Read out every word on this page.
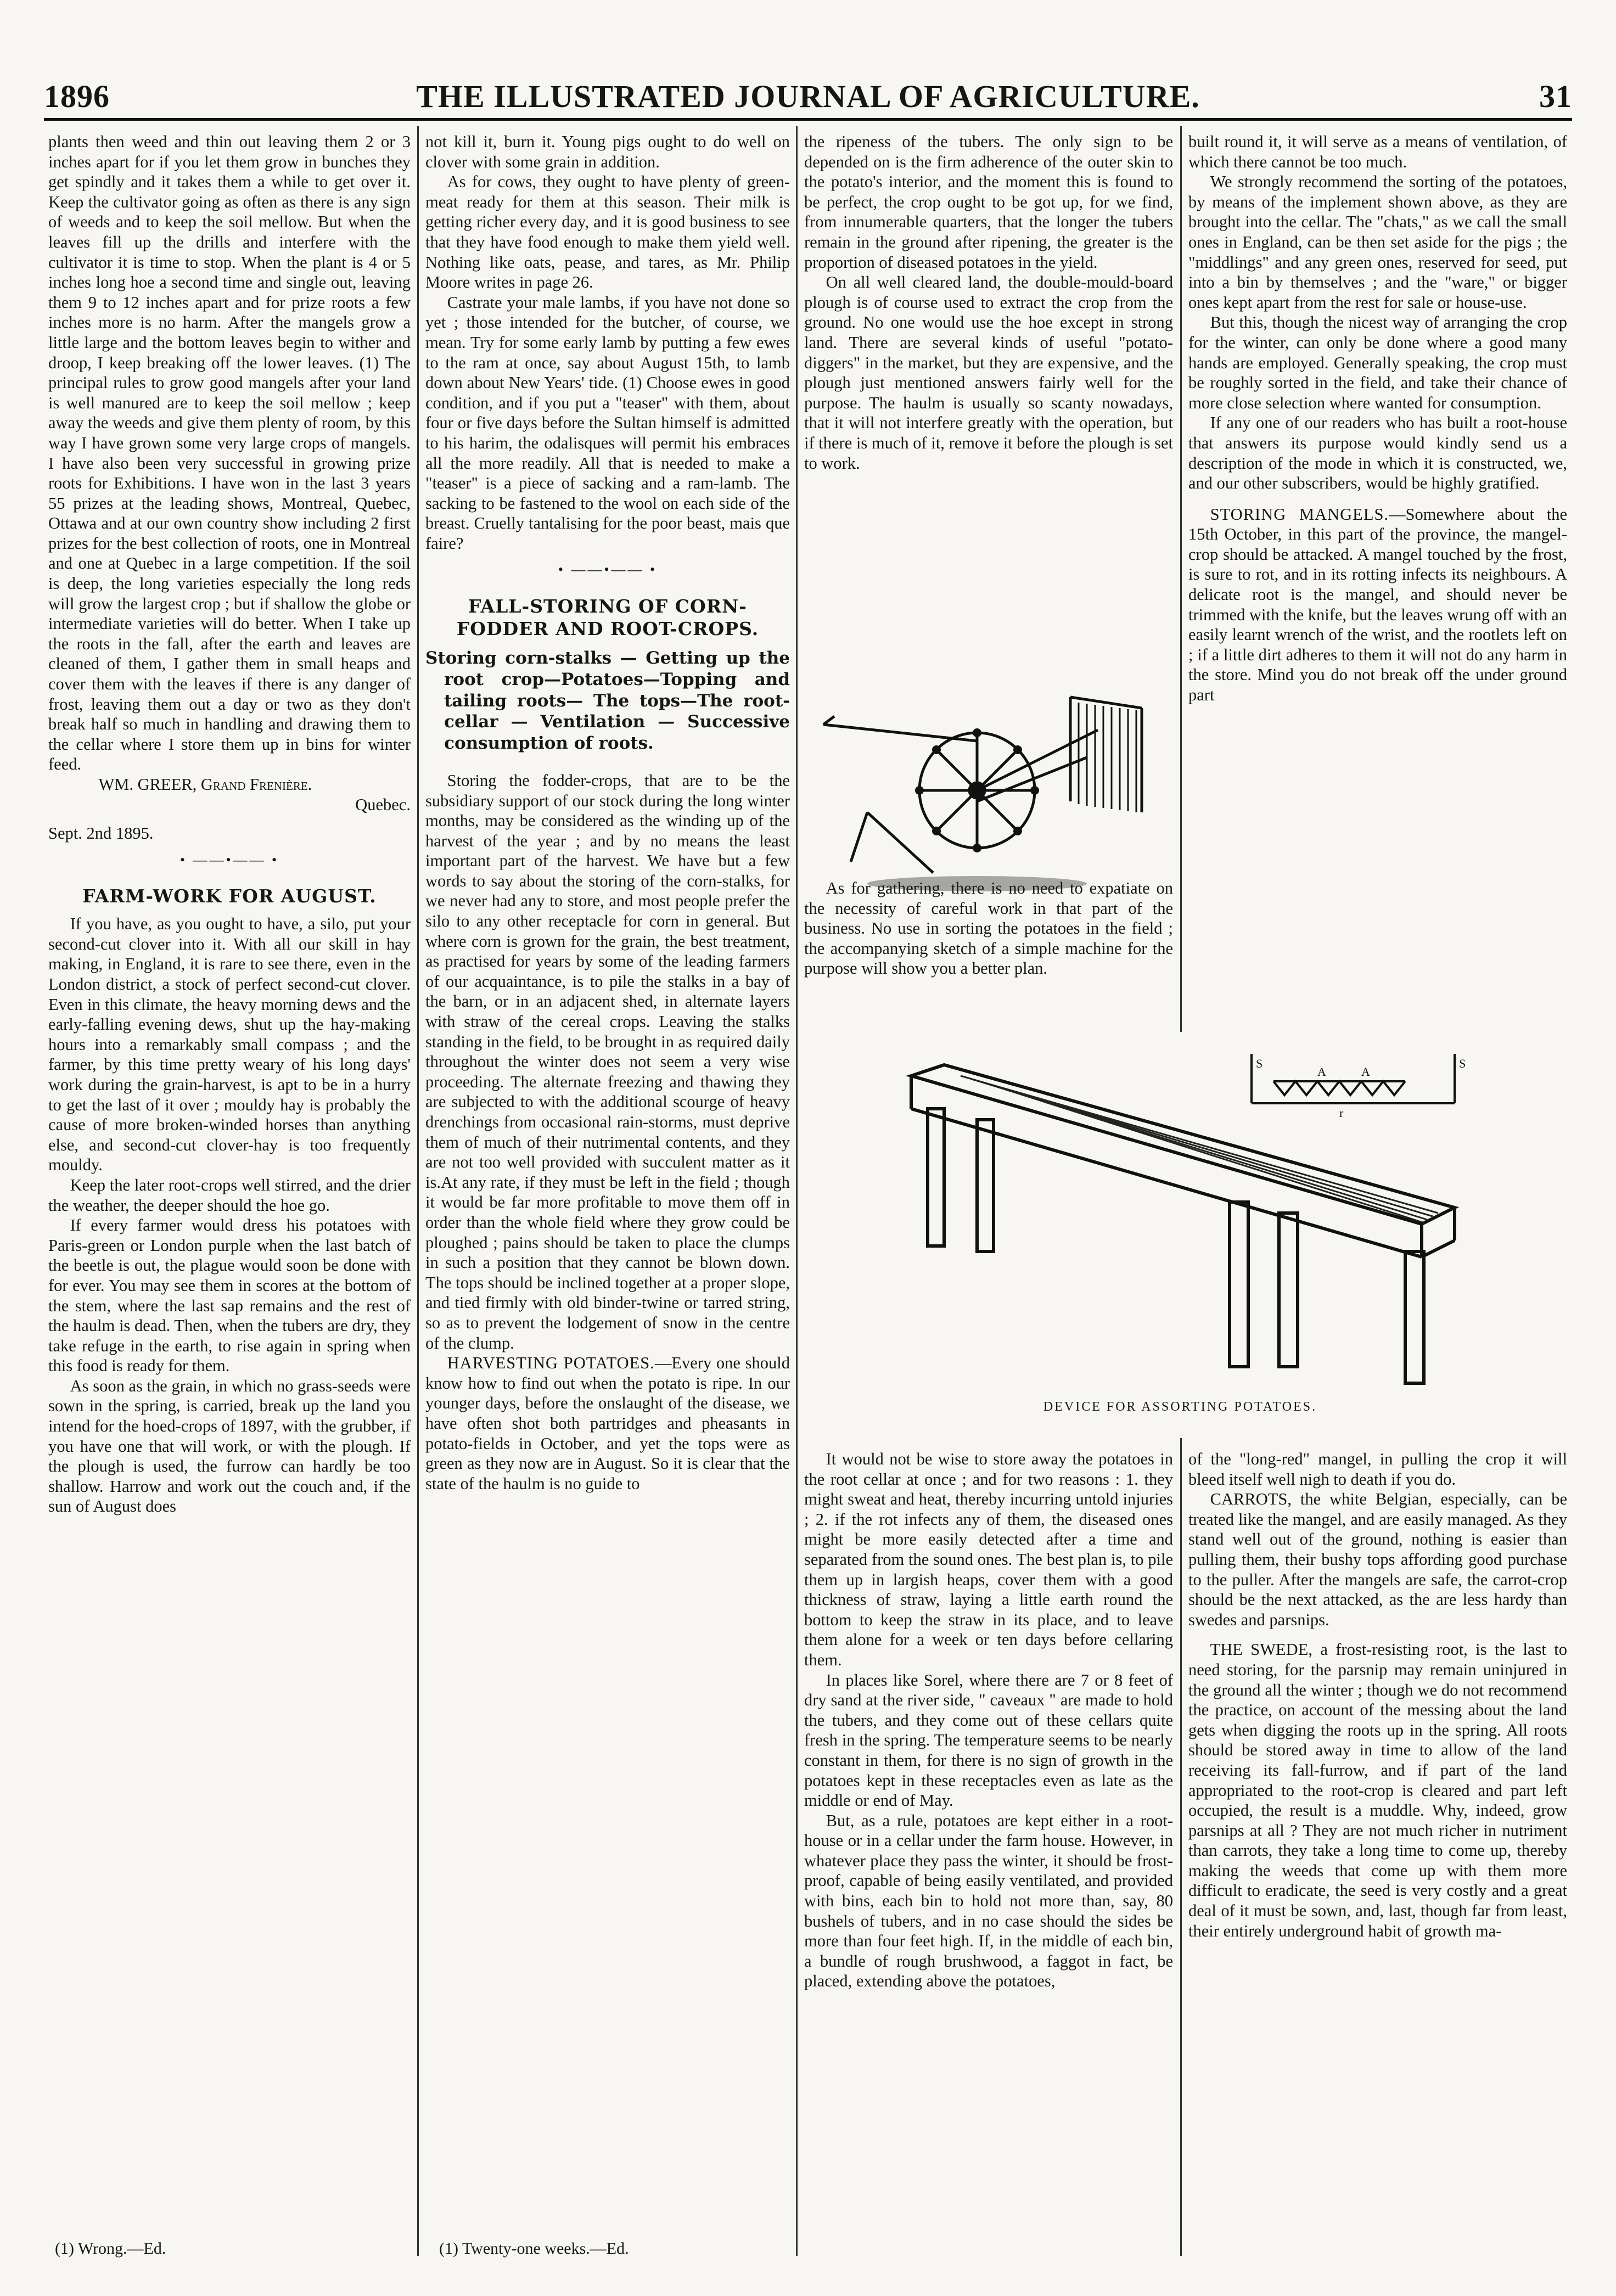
1896	THE ILLUSTRATED JOURNAL OF AGRICULTURE.	31

plants then weed and thin out leaving them 2 or 3 inches apart for if you let them grow in bunches they get spindly and it takes them a while to get over it. Keep the cultivator going as often as there is any sign of weeds and to keep the soil mellow. But when the leaves fill up the drills and interfere with the cultivator it is time to stop. When the plant is 4 or 5 inches long hoe a second time and single out, leaving them 9 to 12 inches apart and for prize roots a few inches more is no harm. After the mangels grow a little large and the bottom leaves begin to wither and droop, I keep breaking off the lower leaves. (1) The principal rules to grow good mangels after your land is well manured are to keep the soil mellow ; keep away the weeds and give them plenty of room, by this way I have grown some very large crops of mangels. I have also been very successful in growing prize roots for Exhibitions. I have won in the last 3 years 55 prizes at the leading shows, Montreal, Quebec, Ottawa and at our own country show including 2 first prizes for the best collection of roots, one in Montreal and one at Quebec in a large competition. If the soil is deep, the long varieties especially the long reds will grow the largest crop ; but if shallow the globe or intermediate varieties will do better. When I take up the roots in the fall, after the earth and leaves are cleaned of them, I gather them in small heaps and cover them with the leaves if there is any danger of frost, leaving them out a day or two as they don't break half so much in handling and drawing them to the cellar where I store them up in bins for winter feed.

WM. GREER, Grand Frenière.

Quebec.

Sept. 2nd 1895.

• ——•—— •
FARM-WORK FOR AUGUST.

If you have, as you ought to have, a silo, put your second-cut clover into it. With all our skill in hay making, in England, it is rare to see there, even in the London district, a stock of perfect second-cut clover. Even in this climate, the heavy morning dews and the early-falling evening dews, shut up the hay-making hours into a remarkably small compass ; and the farmer, by this time pretty weary of his long days' work during the grain-harvest, is apt to be in a hurry to get the last of it over ; mouldy hay is probably the cause of more broken-winded horses than anything else, and second-cut clover-hay is too frequently mouldy.

Keep the later root-crops well stirred, and the drier the weather, the deeper should the hoe go.

If every farmer would dress his potatoes with Paris-green or London purple when the last batch of the beetle is out, the plague would soon be done with for ever. You may see them in scores at the bottom of the stem, where the last sap remains and the rest of the haulm is dead. Then, when the tubers are dry, they take refuge in the earth, to rise again in spring when this food is ready for them.

As soon as the grain, in which no grass-seeds were sown in the spring, is carried, break up the land you intend for the hoed-crops of 1897, with the grubber, if you have one that will work, or with the plough. If the plough is used, the furrow can hardly be too shallow. Harrow and work out the couch and, if the sun of August does

(1) Wrong.—Ed.

not kill it, burn it. Young pigs ought to do well on clover with some grain in addition.

As for cows, they ought to have plenty of green-meat ready for them at this season. Their milk is getting richer every day, and it is good business to see that they have food enough to make them yield well. Nothing like oats, pease, and tares, as Mr. Philip Moore writes in page 26.

Castrate your male lambs, if you have not done so yet ; those intended for the butcher, of course, we mean. Try for some early lamb by putting a few ewes to the ram at once, say about August 15th, to lamb down about New Years' tide. (1) Choose ewes in good condition, and if you put a "teaser" with them, about four or five days before the Sultan himself is admitted to his harim, the odalisques will permit his embraces all the more readily. All that is needed to make a "teaser" is a piece of sacking and a ram-lamb. The sacking to be fastened to the wool on each side of the breast. Cruelly tantalising for the poor beast, mais que faire?

• ——•—— •
FALL-STORING OF CORN-FODDER AND ROOT-CROPS.
Storing corn-stalks — Getting up the root crop—Potatoes—Topping and tailing roots— The tops—The root-cellar — Ventilation — Successive consumption of roots.

Storing the fodder-crops, that are to be the subsidiary support of our stock during the long winter months, may be considered as the winding up of the harvest of the year ; and by no means the least important part of the harvest. We have but a few words to say about the storing of the corn-stalks, for we never had any to store, and most people prefer the silo to any other receptacle for corn in general. But where corn is grown for the grain, the best treatment, as practised for years by some of the leading farmers of our acquaintance, is to pile the stalks in a bay of the barn, or in an adjacent shed, in alternate layers with straw of the cereal crops. Leaving the stalks standing in the field, to be brought in as required daily throughout the winter does not seem a very wise proceeding. The alternate freezing and thawing they are subjected to with the additional scourge of heavy drenchings from occasional rain-storms, must deprive them of much of their nutrimental contents, and they are not too well provided with succulent matter as it is.At any rate, if they must be left in the field ; though it would be far more profitable to move them off in order than the whole field where they grow could be ploughed ; pains should be taken to place the clumps in such a position that they cannot be blown down. The tops should be inclined together at a proper slope, and tied firmly with old binder-twine or tarred string, so as to prevent the lodgement of snow in the centre of the clump.

HARVESTING POTATOES.—Every one should know how to find out when the potato is ripe. In our younger days, before the onslaught of the disease, we have often shot both partridges and pheasants in potato-fields in October, and yet the tops were as green as they now are in August. So it is clear that the state of the haulm is no guide to

(1) Twenty-one weeks.—Ed.

the ripeness of the tubers. The only sign to be depended on is the firm adherence of the outer skin to the potato's interior, and the moment this is found to be perfect, the crop ought to be got up, for we find, from innumerable quarters, that the longer the tubers remain in the ground after ripening, the greater is the proportion of diseased potatoes in the yield.

On all well cleared land, the double-mould-board plough is of course used to extract the crop from the ground. No one would use the hoe except in strong land. There are several kinds of useful "potato-diggers" in the market, but they are expensive, and the plough just mentioned answers fairly well for the purpose. The haulm is usually so scanty nowadays, that it will not interfere greatly with the operation, but if there is much of it, remove it before the plough is set to work.

As for gathering, there is no need to expatiate on the necessity of careful work in that part of the business. No use in sorting the potatoes in the field ; the accompanying sketch of a simple machine for the purpose will show you a better plan.

built round it, it will serve as a means of ventilation, of which there cannot be too much.

We strongly recommend the sorting of the potatoes, by means of the implement shown above, as they are brought into the cellar. The "chats," as we call the small ones in England, can be then set aside for the pigs ; the "middlings" and any green ones, reserved for seed, put into a bin by themselves ; and the "ware," or bigger ones kept apart from the rest for sale or house-use.

But this, though the nicest way of arranging the crop for the winter, can only be done where a good many hands are employed. Generally speaking, the crop must be roughly sorted in the field, and take their chance of more close selection where wanted for consumption.

If any one of our readers who has built a root-house that answers its purpose would kindly send us a description of the mode in which it is constructed, we, and our other subscribers, would be highly gratified.

STORING MANGELS.—Somewhere about the 15th October, in this part of the province, the mangel-crop should be attacked. A mangel touched by the frost, is sure to rot, and in its rotting infects its neighbours. A delicate root is the mangel, and should never be trimmed with the knife, but the leaves wrung off with an easily learnt wrench of the wrist, and the rootlets left on ; if a little dirt adheres to them it will not do any harm in the store. Mind you do not break off the under ground part

S
A	A
S
r
DEVICE FOR ASSORTING POTATOES.

It would not be wise to store away the potatoes in the root cellar at once ; and for two reasons : 1. they might sweat and heat, thereby incurring untold injuries ; 2. if the rot infects any of them, the diseased ones might be more easily detected after a time and separated from the sound ones. The best plan is, to pile them up in largish heaps, cover them with a good thickness of straw, laying a little earth round the bottom to keep the straw in its place, and to leave them alone for a week or ten days before cellaring them.

In places like Sorel, where there are 7 or 8 feet of dry sand at the river side, " caveaux " are made to hold the tubers, and they come out of these cellars quite fresh in the spring. The temperature seems to be nearly constant in them, for there is no sign of growth in the potatoes kept in these receptacles even as late as the middle or end of May.

But, as a rule, potatoes are kept either in a root-house or in a cellar under the farm house. However, in whatever place they pass the winter, it should be frost-proof, capable of being easily ventilated, and provided with bins, each bin to hold not more than, say, 80 bushels of tubers, and in no case should the sides be more than four feet high. If, in the middle of each bin, a bundle of rough brushwood, a faggot in fact, be placed, extending above the potatoes,

of the "long-red" mangel, in pulling the crop it will bleed itself well nigh to death if you do.

CARROTS, the white Belgian, especially, can be treated like the mangel, and are easily managed. As they stand well out of the ground, nothing is easier than pulling them, their bushy tops affording good purchase to the puller. After the mangels are safe, the carrot-crop should be the next attacked, as the are less hardy than swedes and parsnips.

THE SWEDE, a frost-resisting root, is the last to need storing, for the parsnip may remain uninjured in the ground all the winter ; though we do not recommend the practice, on account of the messing about the land gets when digging the roots up in the spring. All roots should be stored away in time to allow of the land receiving its fall-furrow, and if part of the land appropriated to the root-crop is cleared and part left occupied, the result is a muddle. Why, indeed, grow parsnips at all ? They are not much richer in nutriment than carrots, they take a long time to come up, thereby making the weeds that come up with them more difficult to eradicate, the seed is very costly and a great deal of it must be sown, and, last, though far from least, their entirely underground habit of growth ma-
